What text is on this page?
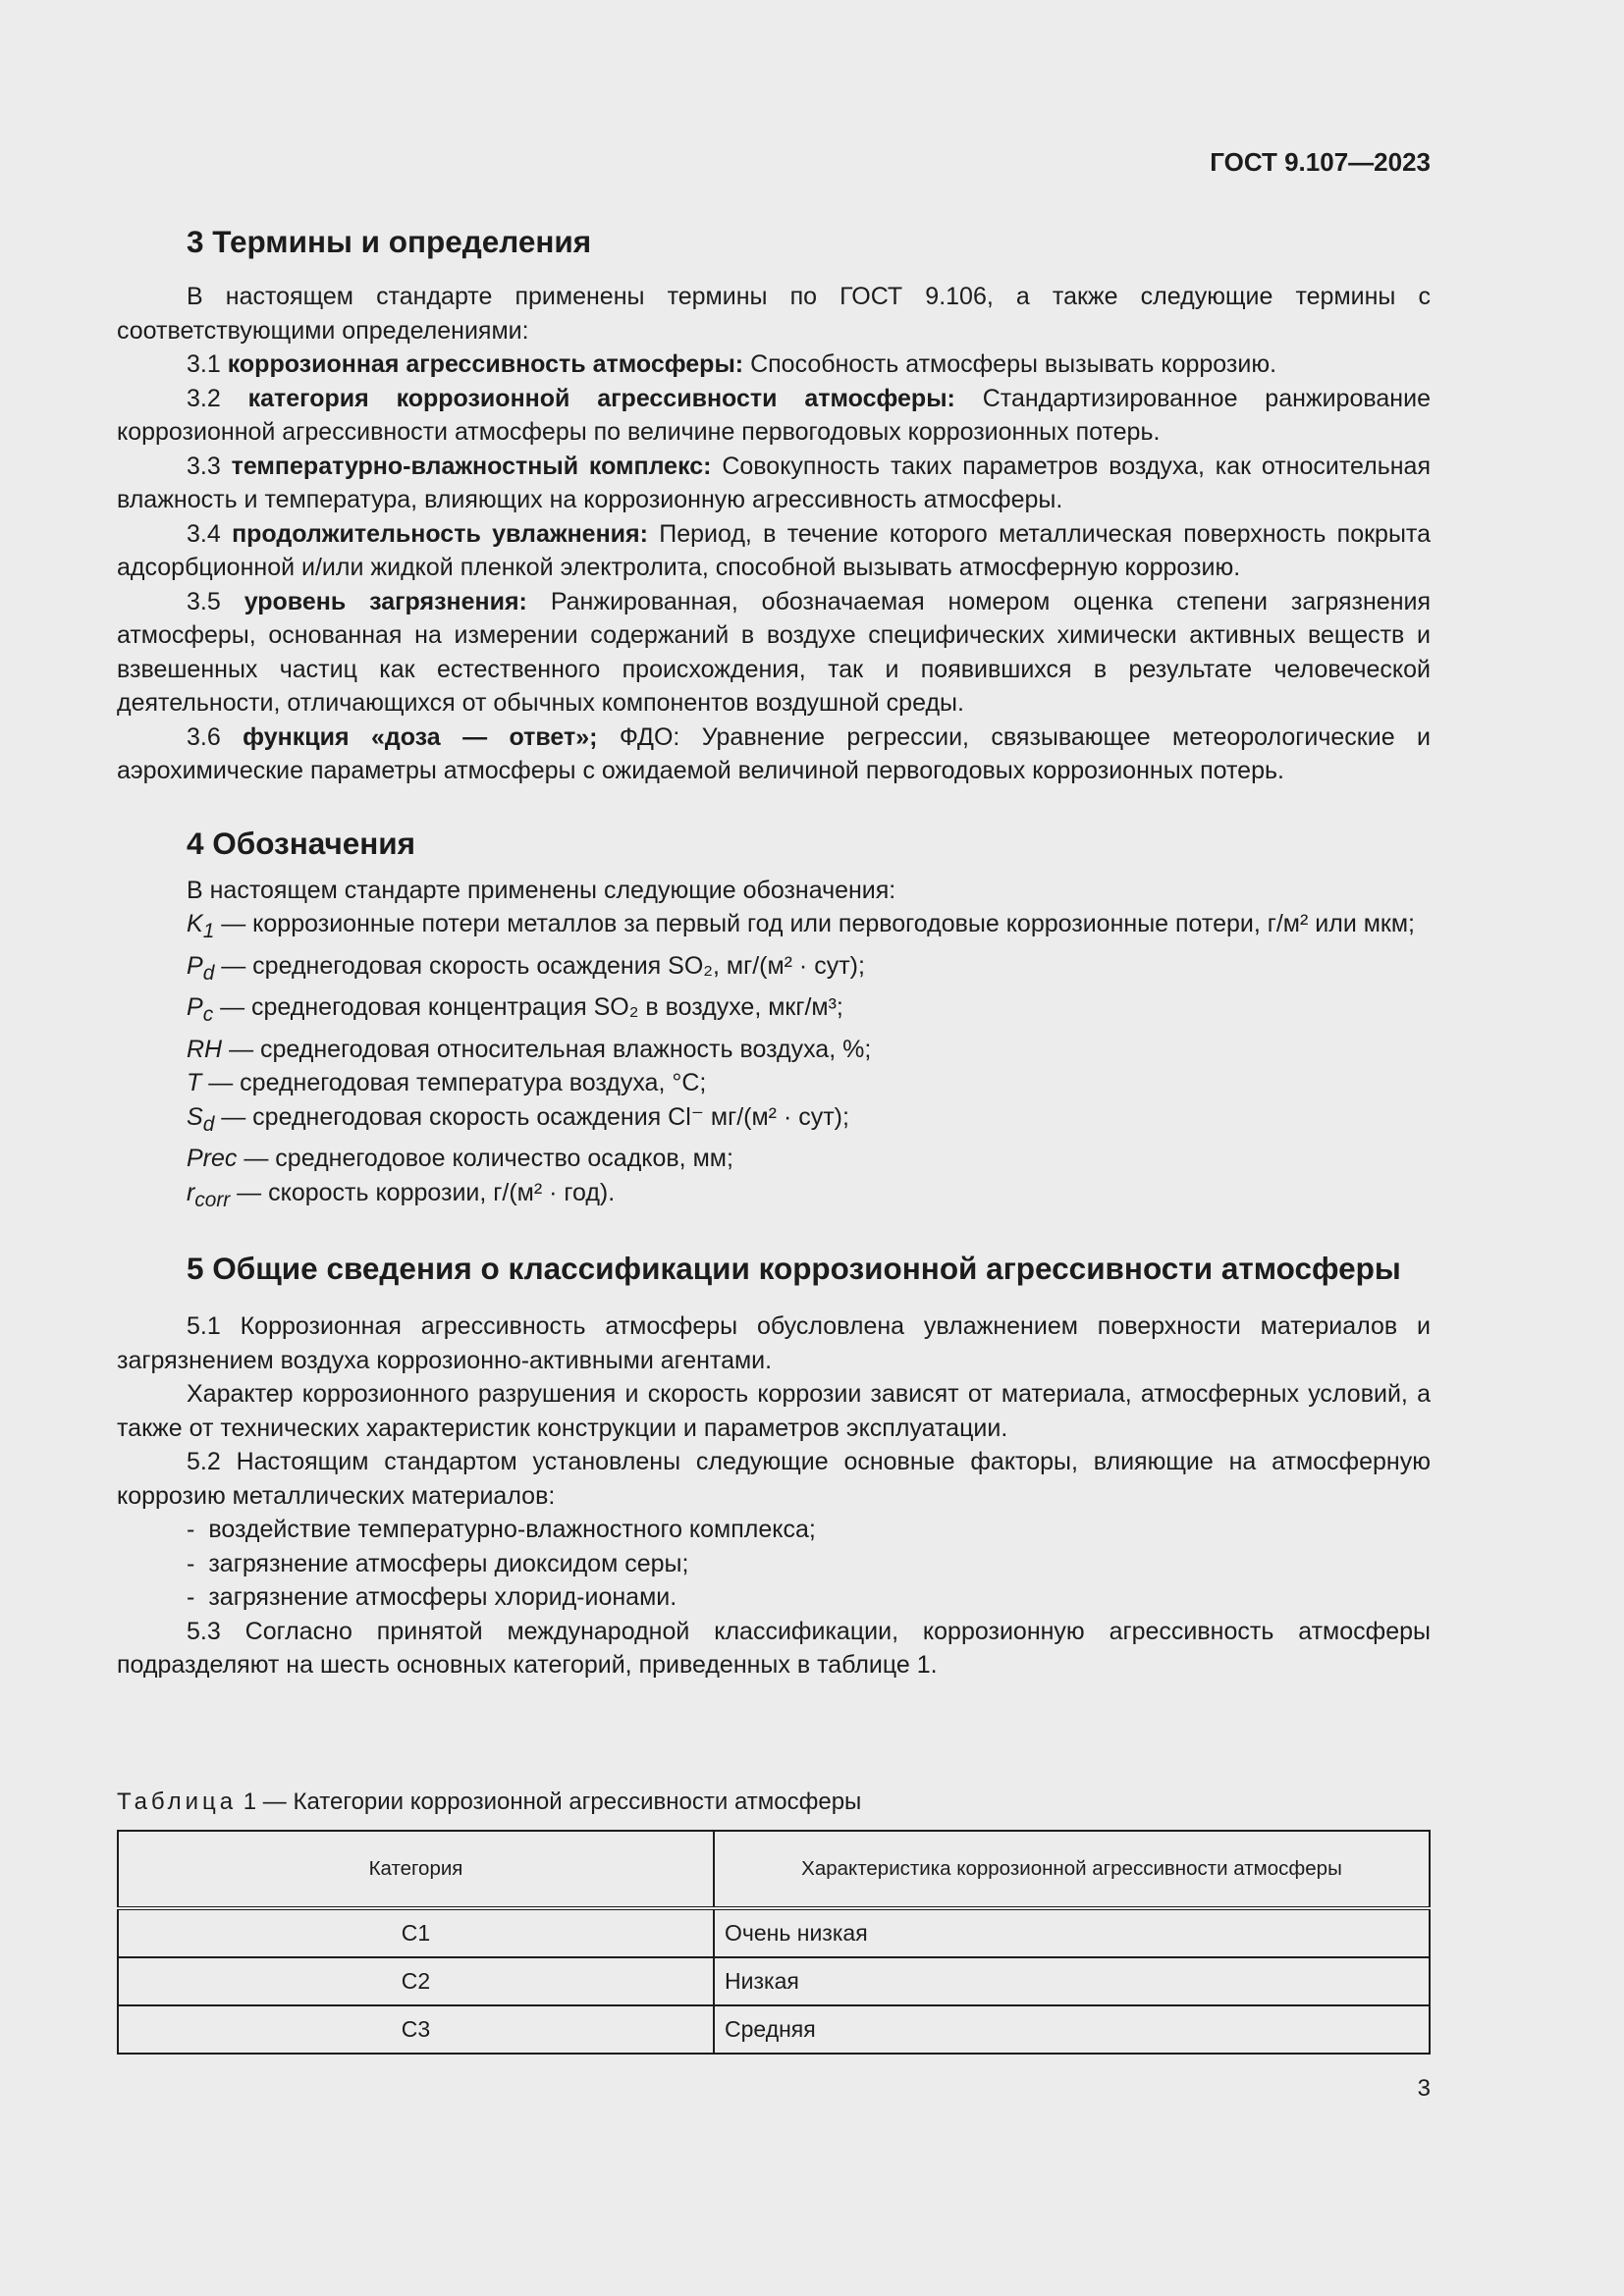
ГОСТ 9.107—2023
3 Термины и определения

В настоящем стандарте применены термины по ГОСТ 9.106, а также следующие термины с соответствующими определениями:

3.1 коррозионная агрессивность атмосферы: Способность атмосферы вызывать коррозию.

3.2 категория коррозионной агрессивности атмосферы: Стандартизированное ранжирование коррозионной агрессивности атмосферы по величине первогодовых коррозионных потерь.

3.3 температурно-влажностный комплекс: Совокупность таких параметров воздуха, как относительная влажность и температура, влияющих на коррозионную агрессивность атмосферы.

3.4 продолжительность увлажнения: Период, в течение которого металлическая поверхность покрыта адсорбционной и/или жидкой пленкой электролита, способной вызывать атмосферную коррозию.

3.5 уровень загрязнения: Ранжированная, обозначаемая номером оценка степени загрязнения атмосферы, основанная на измерении содержаний в воздухе специфических химически активных веществ и взвешенных частиц как естественного происхождения, так и появившихся в результате человеческой деятельности, отличающихся от обычных компонентов воздушной среды.

3.6 функция «доза — ответ»; ФДО: Уравнение регрессии, связывающее метеорологические и аэрохимические параметры атмосферы с ожидаемой величиной первогодовых коррозионных потерь.

4 Обозначения

В настоящем стандарте применены следующие обозначения:

$K_1$ — коррозионные потери металлов за первый год или первогодовые коррозионные потери, г/м² или мкм;

$P_d$ — среднегодовая скорость осаждения SO₂, мг/(м² · сут);

$P_c$ — среднегодовая концентрация SO₂ в воздухе, мкг/м³;

RH — среднегодовая относительная влажность воздуха, %;

T — среднегодовая температура воздуха, °C;

$S_d$ — среднегодовая скорость осаждения Cl⁻ мг/(м² · сут);

Prec — среднегодовое количество осадков, мм;

$r_{corr}$ — скорость коррозии, г/(м² · год).

5 Общие сведения о классификации коррозионной агрессивности атмосферы

5.1 Коррозионная агрессивность атмосферы обусловлена увлажнением поверхности материалов и загрязнением воздуха коррозионно-активными агентами.

Характер коррозионного разрушения и скорость коррозии зависят от материала, атмосферных условий, а также от технических характеристик конструкции и параметров эксплуатации.

5.2 Настоящим стандартом установлены следующие основные факторы, влияющие на атмосферную коррозию металлических материалов:

- воздействие температурно-влажностного комплекса;

- загрязнение атмосферы диоксидом серы;

- загрязнение атмосферы хлорид-ионами.

5.3 Согласно принятой международной классификации, коррозионную агрессивность атмосферы подразделяют на шесть основных категорий, приведенных в таблице 1.

Таблица 1 — Категории коррозионной агрессивности атмосферы
Категория	Характеристика коррозионной агрессивности атмосферы
C1	Очень низкая
C2	Низкая
C3	Средняя
3
